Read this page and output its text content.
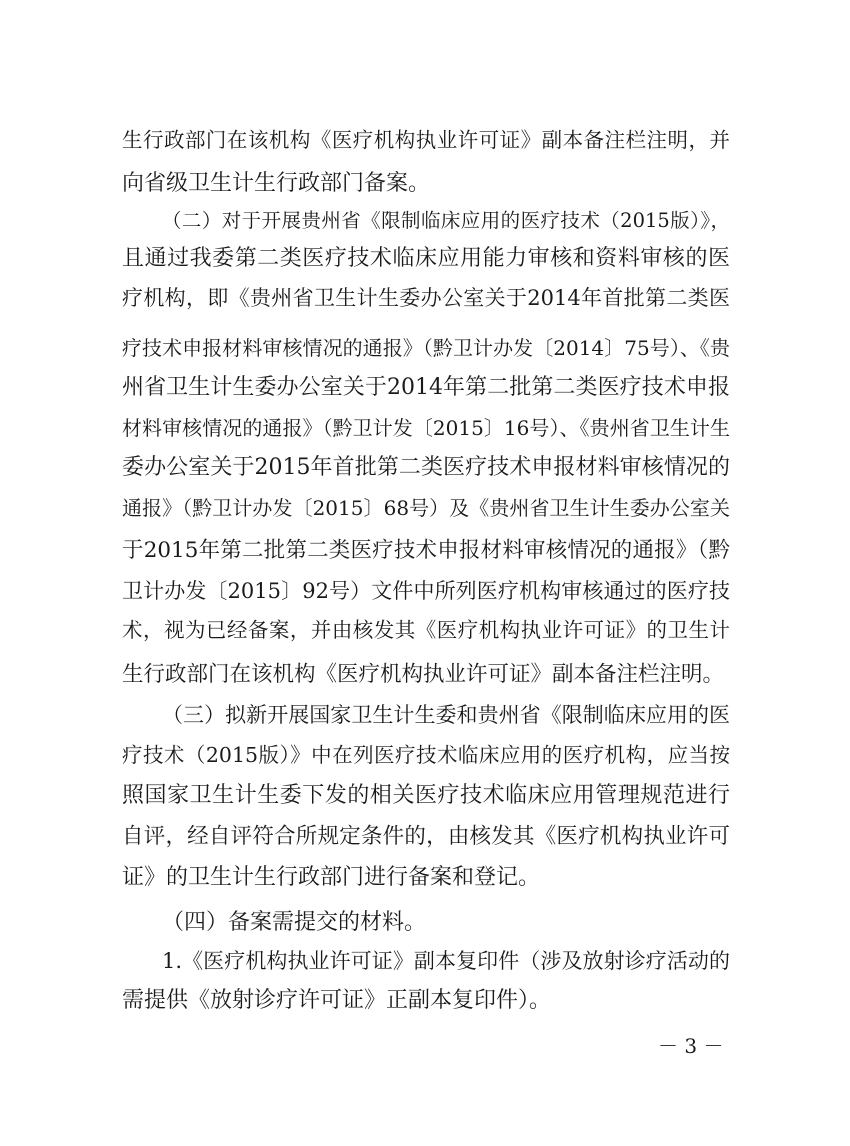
生行政部门在该机构《医疗机构执业许可证》副本备注栏注明，并
向省级卫生计生行政部门备案。
（二）对于开展贵州省《限制临床应用的医疗技术（2015版）》，
且通过我委第二类医疗技术临床应用能力审核和资料审核的医
疗机构，即《贵州省卫生计生委办公室关于2014年首批第二类医
疗技术申报材料审核情况的通报》（黔卫计办发〔2014〕75号）、《贵
州省卫生计生委办公室关于2014年第二批第二类医疗技术申报
材料审核情况的通报》（黔卫计发〔2015〕16号）、《贵州省卫生计生
委办公室关于2015年首批第二类医疗技术申报材料审核情况的
通报》（黔卫计办发〔2015〕68号）及《贵州省卫生计生委办公室关
于2015年第二批第二类医疗技术申报材料审核情况的通报》（黔
卫计办发〔2015〕92号）文件中所列医疗机构审核通过的医疗技
术，视为已经备案，并由核发其《医疗机构执业许可证》的卫生计
生行政部门在该机构《医疗机构执业许可证》副本备注栏注明。
（三）拟新开展国家卫生计生委和贵州省《限制临床应用的医
疗技术（2015版）》中在列医疗技术临床应用的医疗机构，应当按
照国家卫生计生委下发的相关医疗技术临床应用管理规范进行
自评，经自评符合所规定条件的，由核发其《医疗机构执业许可
证》的卫生计生行政部门进行备案和登记。
（四）备案需提交的材料。
1.《医疗机构执业许可证》副本复印件（涉及放射诊疗活动的
需提供《放射诊疗许可证》正副本复印件）。
－ 3 －
